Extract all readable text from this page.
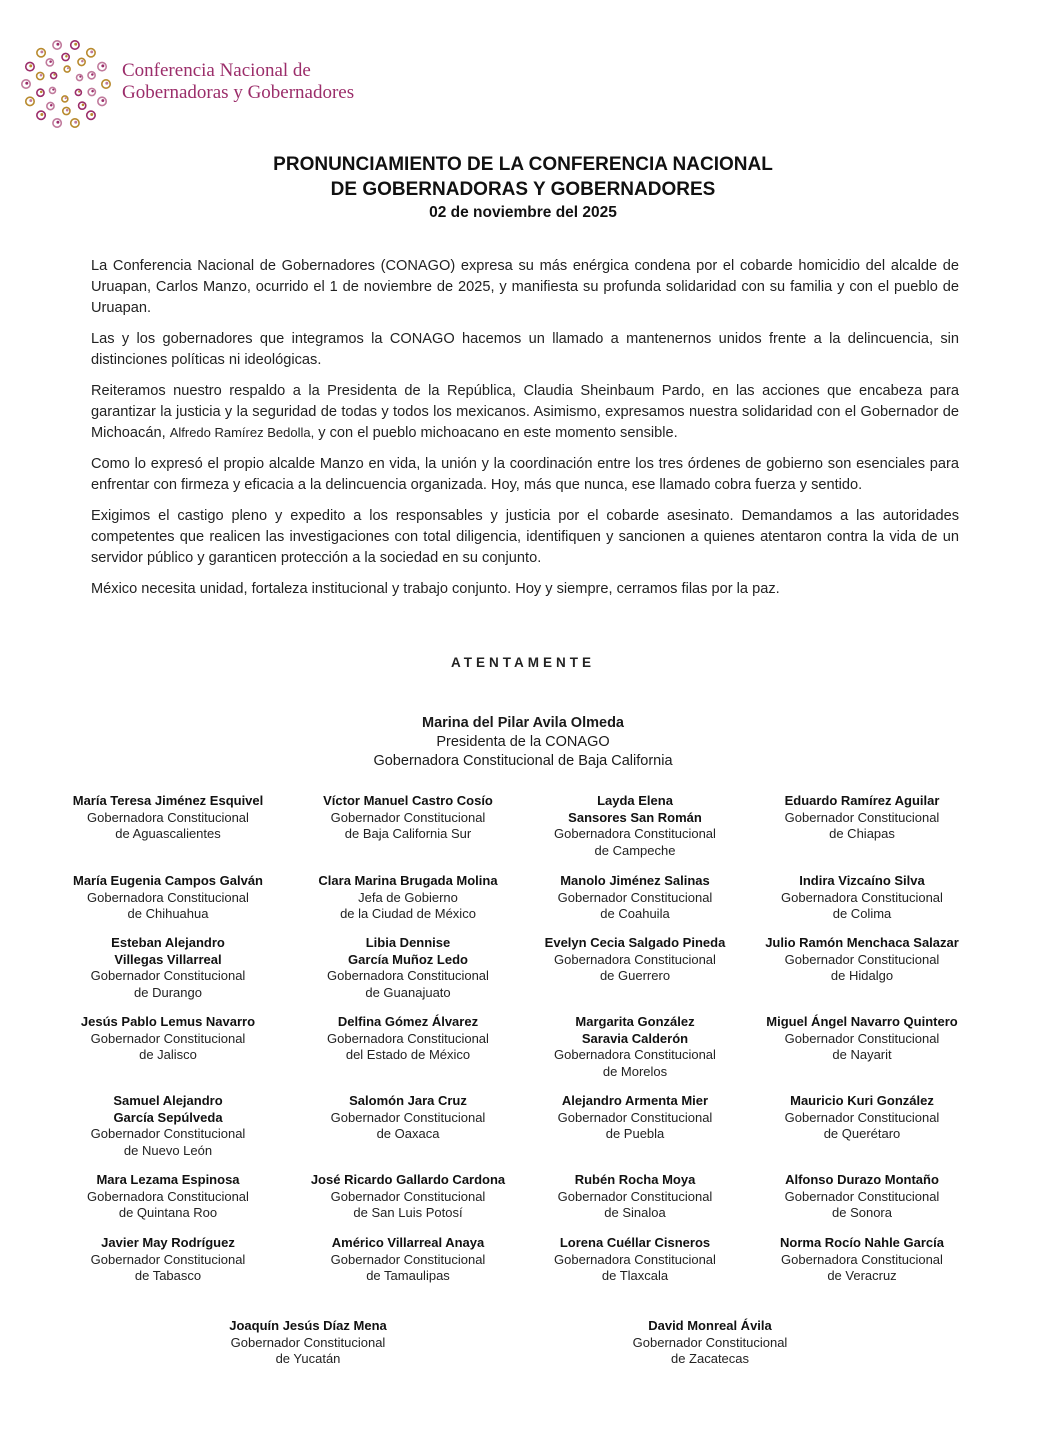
Conferencia Nacional de
Gobernadoras y Gobernadores
PRONUNCIAMIENTO DE LA CONFERENCIA NACIONAL
DE GOBERNADORAS Y GOBERNADORES
02 de noviembre del 2025

La Conferencia Nacional de Gobernadores (CONAGO) expresa su más enérgica condena por el cobarde homicidio del alcalde de Uruapan, Carlos Manzo, ocurrido el 1 de noviembre de 2025, y manifiesta su profunda solidaridad con su familia y con el pueblo de Uruapan.

Las y los gobernadores que integramos la CONAGO hacemos un llamado a mantenernos unidos frente a la delincuencia, sin distinciones políticas ni ideológicas.

Reiteramos nuestro respaldo a la Presidenta de la República, Claudia Sheinbaum Pardo, en las acciones que encabeza para garantizar la justicia y la seguridad de todas y todos los mexicanos. Asimismo, expresamos nuestra solidaridad con el Gobernador de Michoacán, Alfredo Ramírez Bedolla, y con el pueblo michoacano en este momento sensible.

Como lo expresó el propio alcalde Manzo en vida, la unión y la coordinación entre los tres órdenes de gobierno son esenciales para enfrentar con firmeza y eficacia a la delincuencia organizada. Hoy, más que nunca, ese llamado cobra fuerza y sentido.

Exigimos el castigo pleno y expedito a los responsables y justicia por el cobarde asesinato. Demandamos a las autoridades competentes que realicen las investigaciones con total diligencia, identifiquen y sancionen a quienes atentaron contra la vida de un servidor público y garanticen protección a la sociedad en su conjunto.

México necesita unidad, fortaleza institucional y trabajo conjunto. Hoy y siempre, cerramos filas por la paz.

ATENTAMENTE
Marina del Pilar Avila Olmeda
Presidenta de la CONAGO
Gobernadora Constitucional de Baja California
María Teresa Jiménez Esquivel
Gobernadora Constitucional
de Aguascalientes
Víctor Manuel Castro Cosío
Gobernador Constitucional
de Baja California Sur
Layda Elena
Sansores San Román
Gobernadora Constitucional
de Campeche
Eduardo Ramírez Aguilar
Gobernador Constitucional
de Chiapas
María Eugenia Campos Galván
Gobernadora Constitucional
de Chihuahua
Clara Marina Brugada Molina
Jefa de Gobierno
de la Ciudad de México
Manolo Jiménez Salinas
Gobernador Constitucional
de Coahuila
Indira Vizcaíno Silva
Gobernadora Constitucional
de Colima
Esteban Alejandro
Villegas Villarreal
Gobernador Constitucional
de Durango
Libia Dennise
García Muñoz Ledo
Gobernadora Constitucional
de Guanajuato
Evelyn Cecia Salgado Pineda
Gobernadora Constitucional
de Guerrero
Julio Ramón Menchaca Salazar
Gobernador Constitucional
de Hidalgo
Jesús Pablo Lemus Navarro
Gobernador Constitucional
de Jalisco
Delfina Gómez Álvarez
Gobernadora Constitucional
del Estado de México
Margarita González
Saravia Calderón
Gobernadora Constitucional
de Morelos
Miguel Ángel Navarro Quintero
Gobernador Constitucional
de Nayarit
Samuel Alejandro
García Sepúlveda
Gobernador Constitucional
de Nuevo León
Salomón Jara Cruz
Gobernador Constitucional
de Oaxaca
Alejandro Armenta Mier
Gobernador Constitucional
de Puebla
Mauricio Kuri González
Gobernador Constitucional
de Querétaro
Mara Lezama Espinosa
Gobernadora Constitucional
de Quintana Roo
José Ricardo Gallardo Cardona
Gobernador Constitucional
de San Luis Potosí
Rubén Rocha Moya
Gobernador Constitucional
de Sinaloa
Alfonso Durazo Montaño
Gobernador Constitucional
de Sonora
Javier May Rodríguez
Gobernador Constitucional
de Tabasco
Américo Villarreal Anaya
Gobernador Constitucional
de Tamaulipas
Lorena Cuéllar Cisneros
Gobernadora Constitucional
de Tlaxcala
Norma Rocío Nahle García
Gobernadora Constitucional
de Veracruz
Joaquín Jesús Díaz Mena
Gobernador Constitucional
de Yucatán
David Monreal Ávila
Gobernador Constitucional
de Zacatecas
